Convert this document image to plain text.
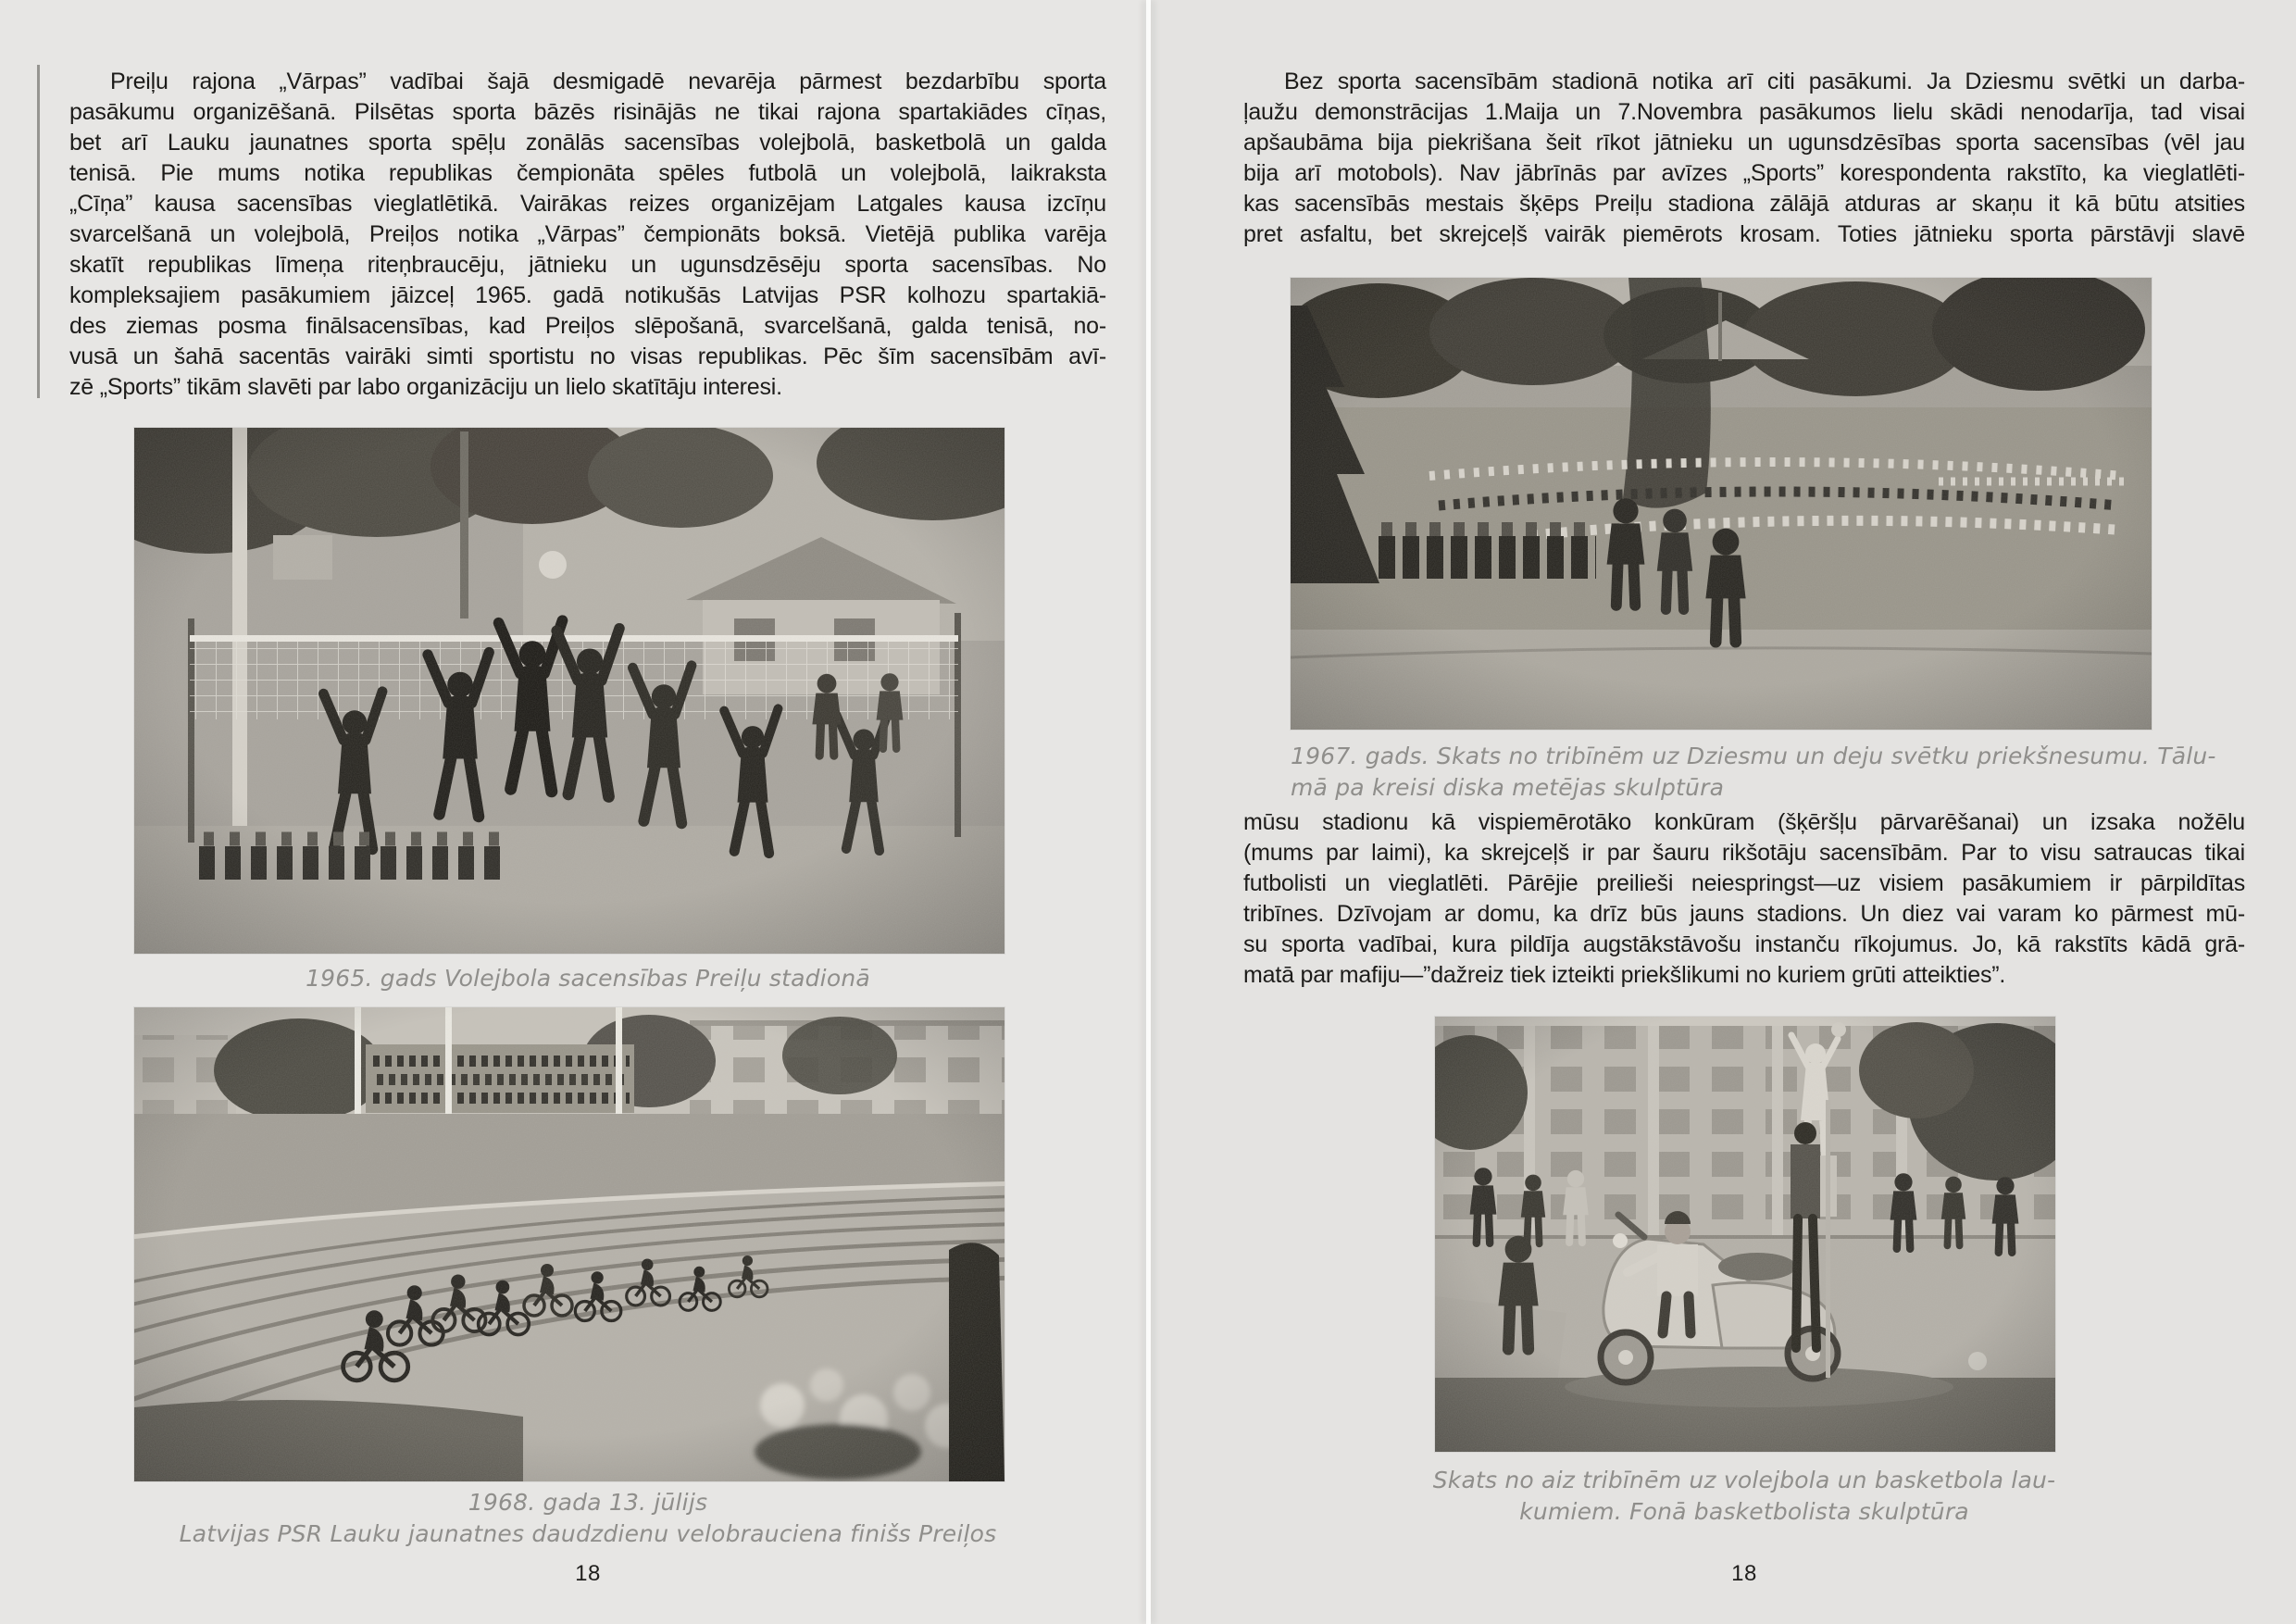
Preiļu rajona „Vārpas” vadībai šajā desmigadē nevarēja pārmest bezdarbību sporta
pasākumu organizēšanā. Pilsētas sporta bāzēs risinājās ne tikai rajona spartakiādes cīņas,
bet arī Lauku jaunatnes sporta spēļu zonālās sacensības volejbolā, basketbolā un galda
tenisā. Pie mums notika republikas čempionāta spēles futbolā un volejbolā, laikraksta
„Cīņa” kausa sacensības vieglatlētikā. Vairākas reizes organizējam Latgales kausa izcīņu
svarcelšanā un volejbolā, Preiļos notika „Vārpas” čempionāts boksā. Vietējā publika varēja
skatīt republikas līmeņa riteņbraucēju, jātnieku un ugunsdzēsēju sporta sacensības. No
kompleksajiem pasākumiem jāizceļ 1965. gadā notikušās Latvijas PSR kolhozu spartakiā-
des ziemas posma finālsacensības, kad Preiļos slēpošanā, svarcelšanā, galda tenisā, no-
vusā un šahā sacentās vairāki simti sportistu no visas republikas. Pēc šīm sacensībām avī-
zē „Sports” tikām slavēti par labo organizāciju un lielo skatītāju interesi.
1965. gads Volejbola sacensības Preiļu stadionā
1968. gada 13. jūlijs
Latvijas PSR Lauku jaunatnes daudzdienu velobrauciena finišs Preiļos
18
Bez sporta sacensībām stadionā notika arī citi pasākumi. Ja Dziesmu svētki un darba-
ļaužu demonstrācijas 1.Maija un 7.Novembra pasākumos lielu skādi nenodarīja, tad visai
apšaubāma bija piekrišana šeit rīkot jātnieku un ugunsdzēsības sporta sacensības (vēl jau
bija arī motobols). Nav jābrīnās par avīzes „Sports” korespondenta rakstīto, ka vieglatlēti-
kas sacensībās mestais šķēps Preiļu stadiona zālājā atduras ar skaņu it kā būtu atsities
pret asfaltu, bet skrejceļš vairāk piemērots krosam. Toties jātnieku sporta pārstāvji slavē
1967. gads. Skats no tribīnēm uz Dziesmu un deju svētku priekšnesumu. Tālu-
mā pa kreisi diska metējas skulptūra
mūsu stadionu kā vispiemērotāko konkūram (šķēršļu pārvarēšanai) un izsaka nožēlu
(mums par laimi), ka skrejceļš ir par šauru rikšotāju sacensībām. Par to visu satraucas tikai
futbolisti un vieglatlēti. Pārējie preilieši neiespringst—uz visiem pasākumiem ir pārpildītas
tribīnes. Dzīvojam ar domu, ka drīz būs jauns stadions. Un diez vai varam ko pārmest mū-
su sporta vadībai, kura pildīja augstākstāvošu instanču rīkojumus. Jo, kā rakstīts kādā grā-
matā par mafiju—”dažreiz tiek izteikti priekšlikumi no kuriem grūti atteikties”.
Skats no aiz tribīnēm uz volejbola un basketbola lau-
kumiem. Fonā basketbolista skulptūra
18
